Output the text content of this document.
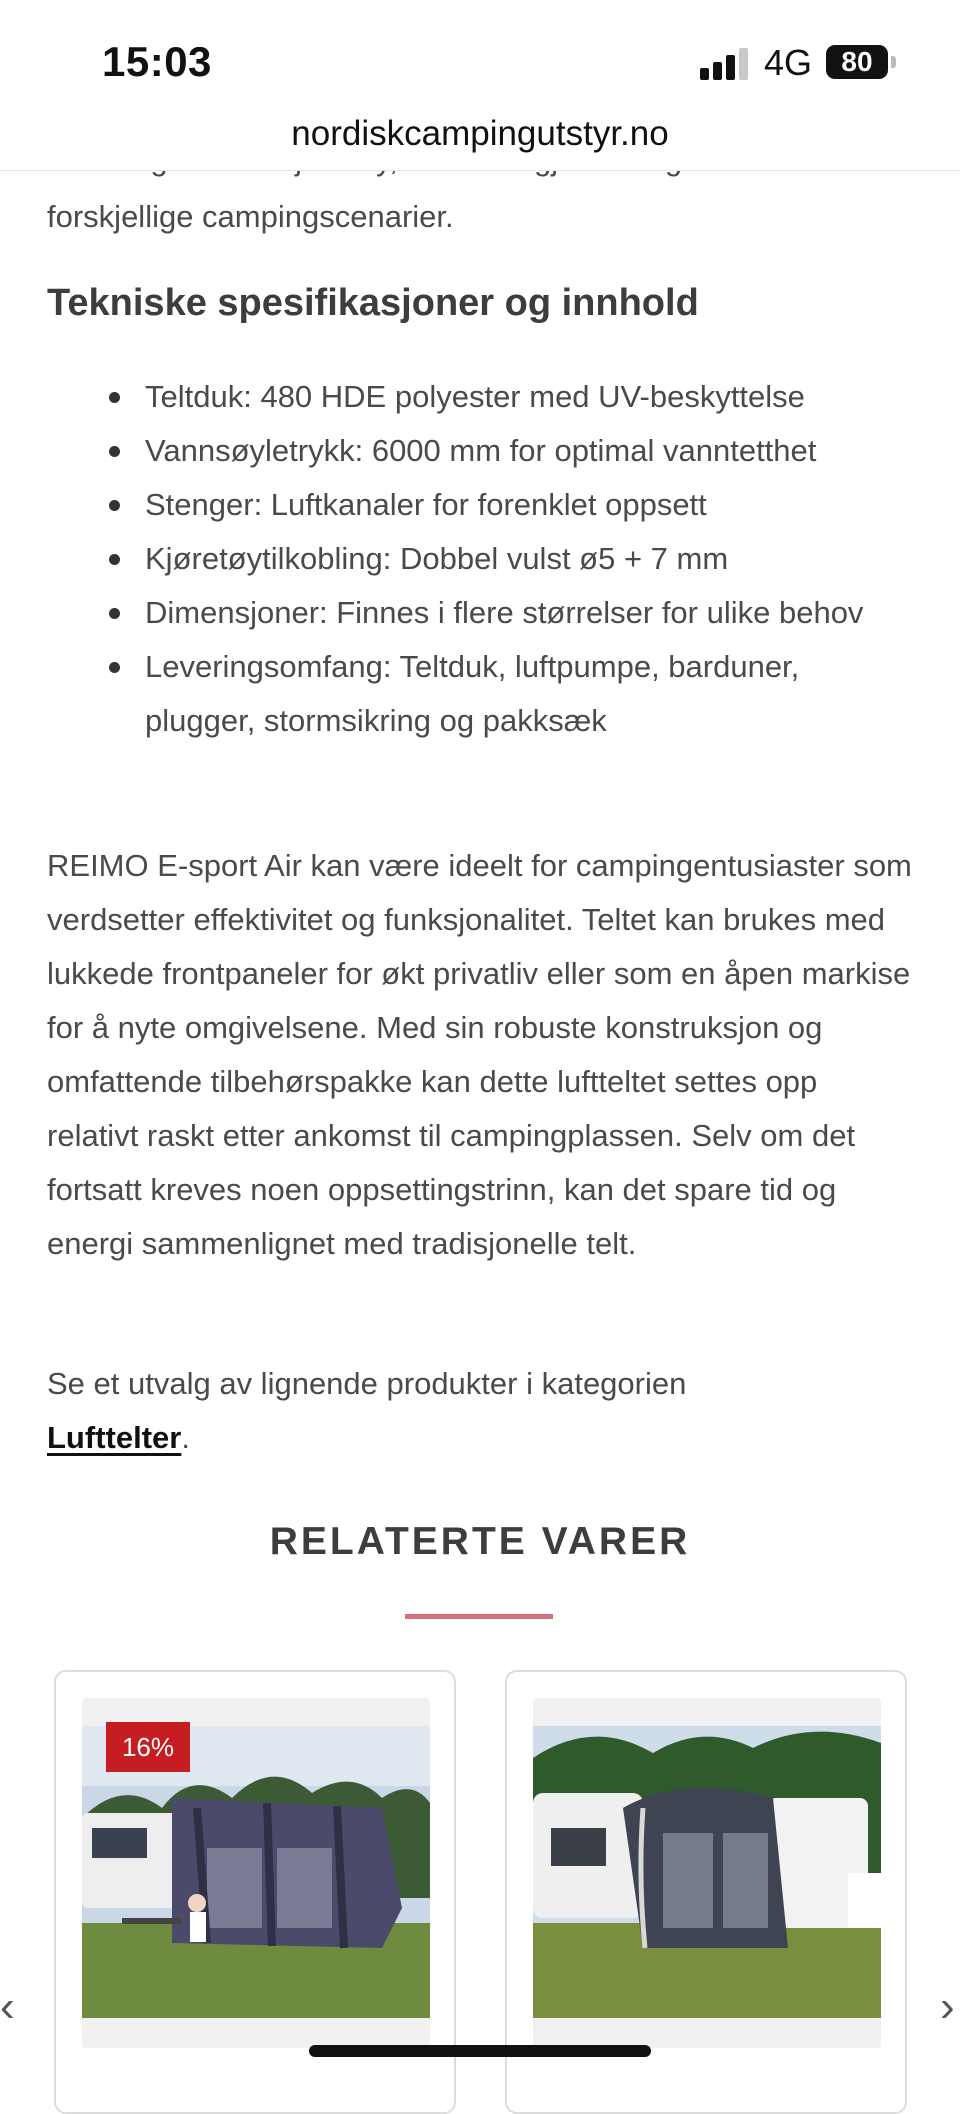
15:03	4G	80
nordiskcampingutstyr.no

forskjellige campingscenarier.

Tekniske spesifikasjoner og innhold
Teltduk: 480 HDE polyester med UV-beskyttelse
Vannsøyletrykk: 6000 mm for optimal vanntetthet
Stenger: Luftkanaler for forenklet oppsett
Kjøretøytilkobling: Dobbel vulst ø5 + 7 mm
Dimensjoner: Finnes i flere størrelser for ulike behov
Leveringsomfang: Teltduk, luftpumpe, barduner, plugger, stormsikring og pakksæk

REIMO E-sport Air kan være ideelt for campingentusiaster som verdsetter effektivitet og funksjonalitet. Teltet kan brukes med lukkede frontpaneler for økt privatliv eller som en åpen markise for å nyte omgivelsene. Med sin robuste konstruksjon og omfattende tilbehørspakke kan dette luftteltet settes opp relativt raskt etter ankomst til campingplassen. Selv om det fortsatt kreves noen oppsettingstrinn, kan det spare tid og energi sammenlignet med tradisjonelle telt.

Se et utvalg av lignende produkter i kategorien
Lufttelter.

RELATERTE VARER
16%
‹	›
